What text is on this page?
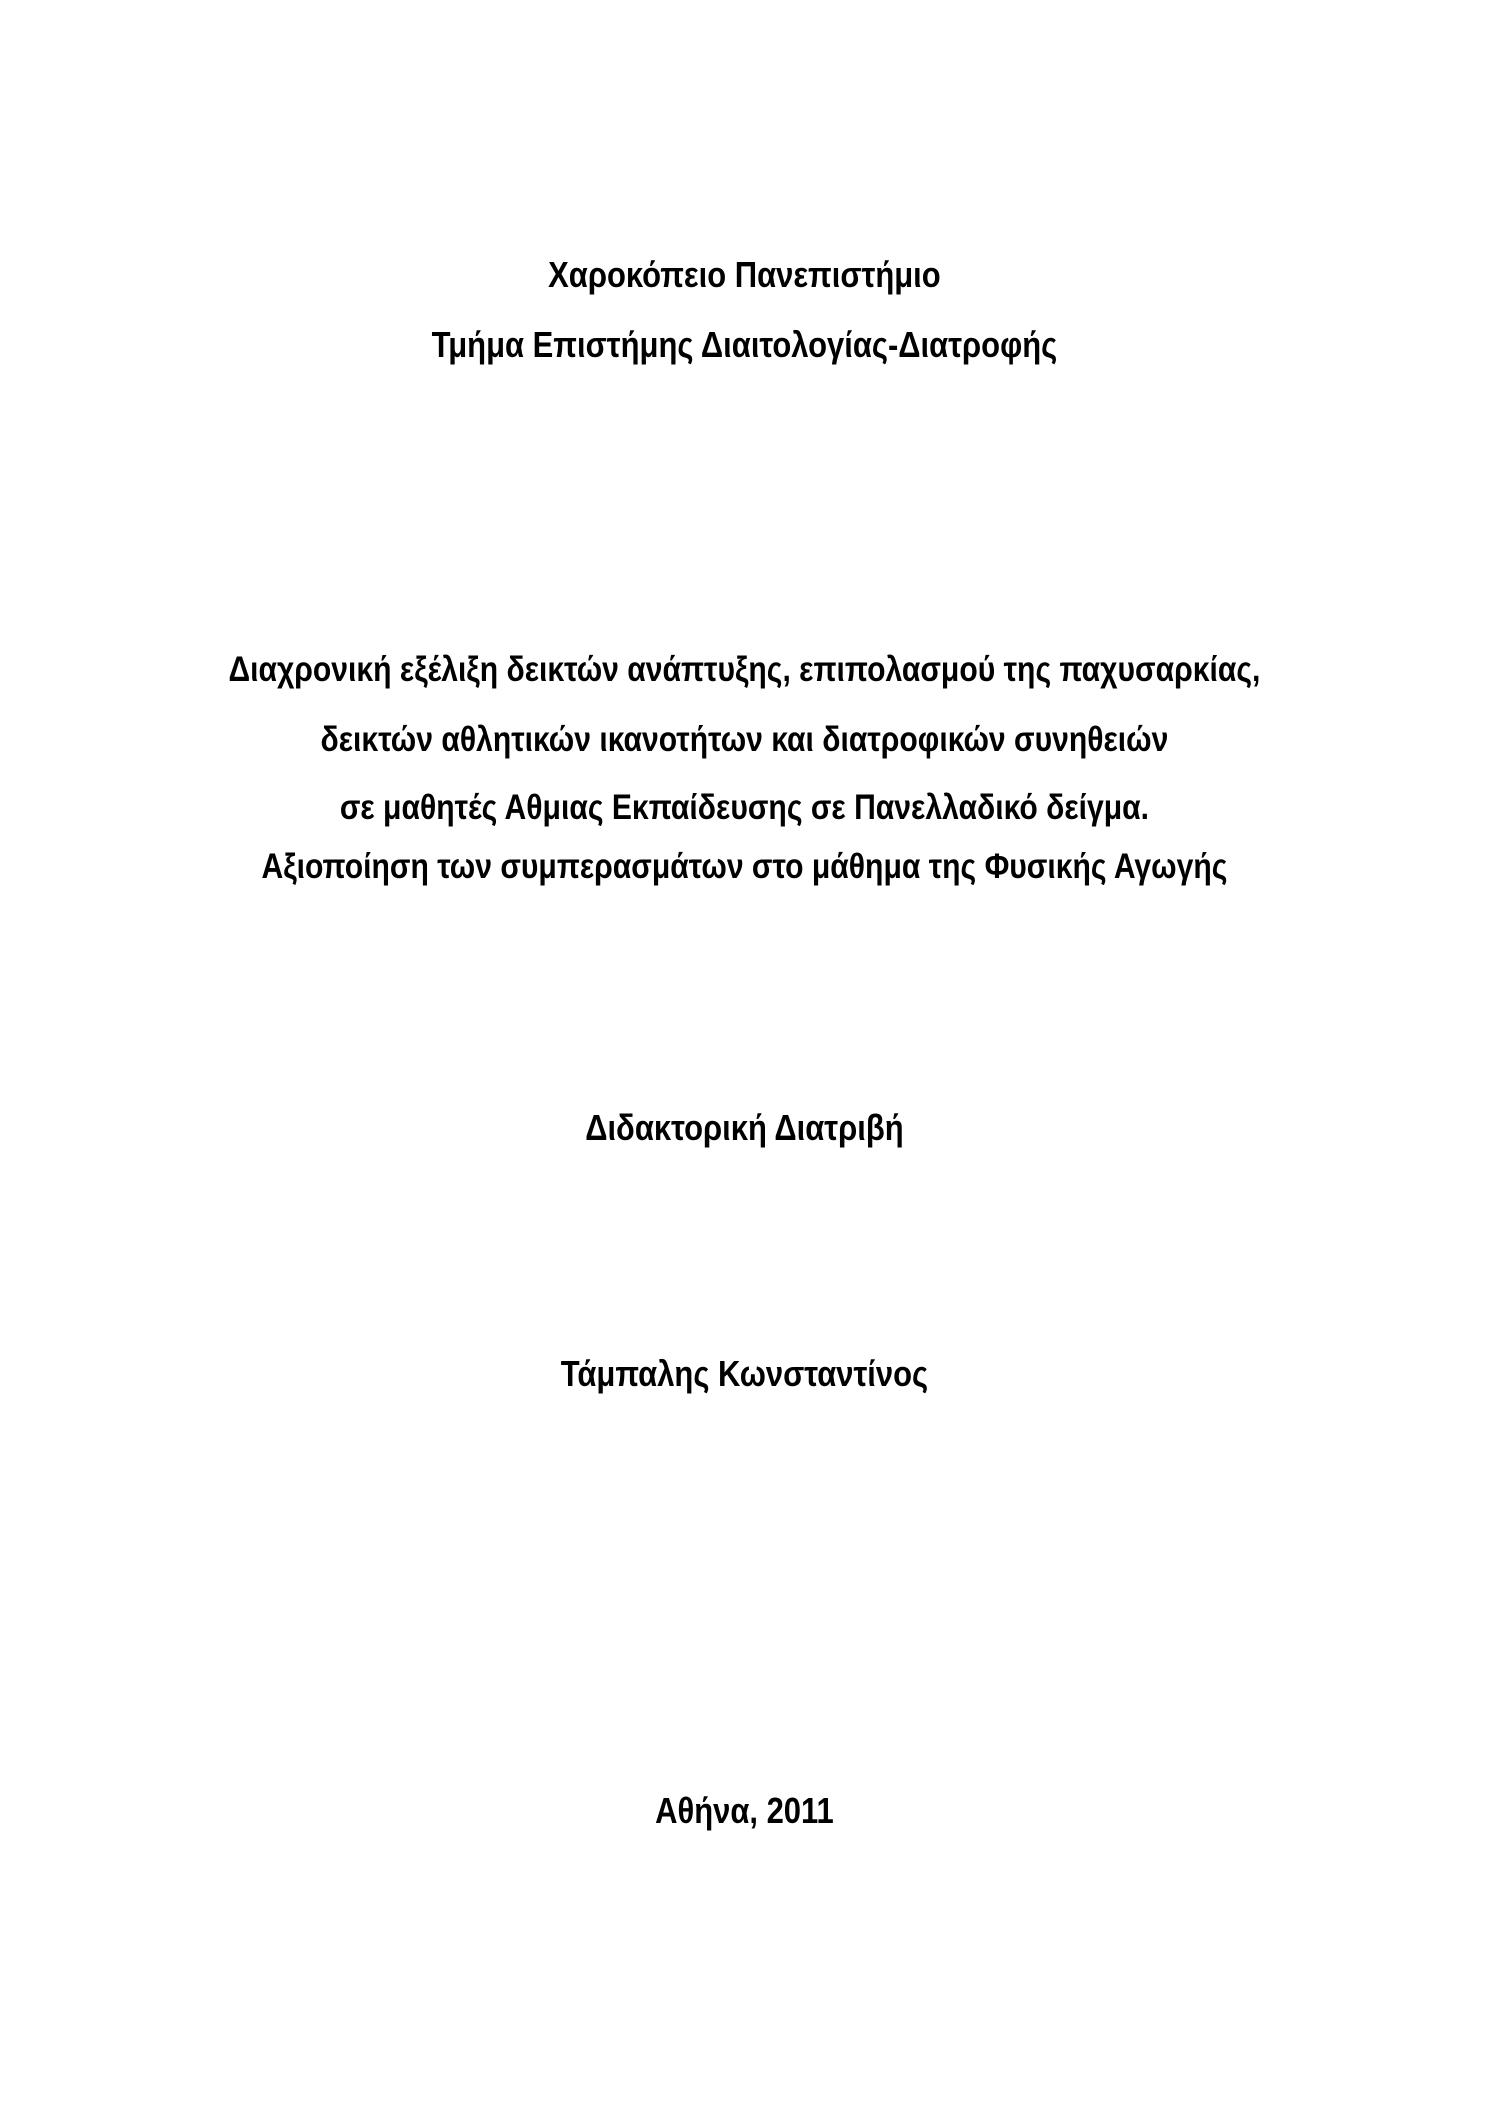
Χαροκόπειο Πανεπιστήμιο
Τμήμα Επιστήμης Διαιτολογίας-Διατροφής
Διαχρονική εξέλιξη δεικτών ανάπτυξης, επιπολασμού της παχυσαρκίας,
δεικτών αθλητικών ικανοτήτων και διατροφικών συνηθειών
σε μαθητές Αθμιας Εκπαίδευσης σε Πανελλαδικό δείγμα.
Αξιοποίηση των συμπερασμάτων στο μάθημα της Φυσικής Αγωγής
Διδακτορική Διατριβή
Τάμπαλης Κωνσταντίνος
Αθήνα, 2011
